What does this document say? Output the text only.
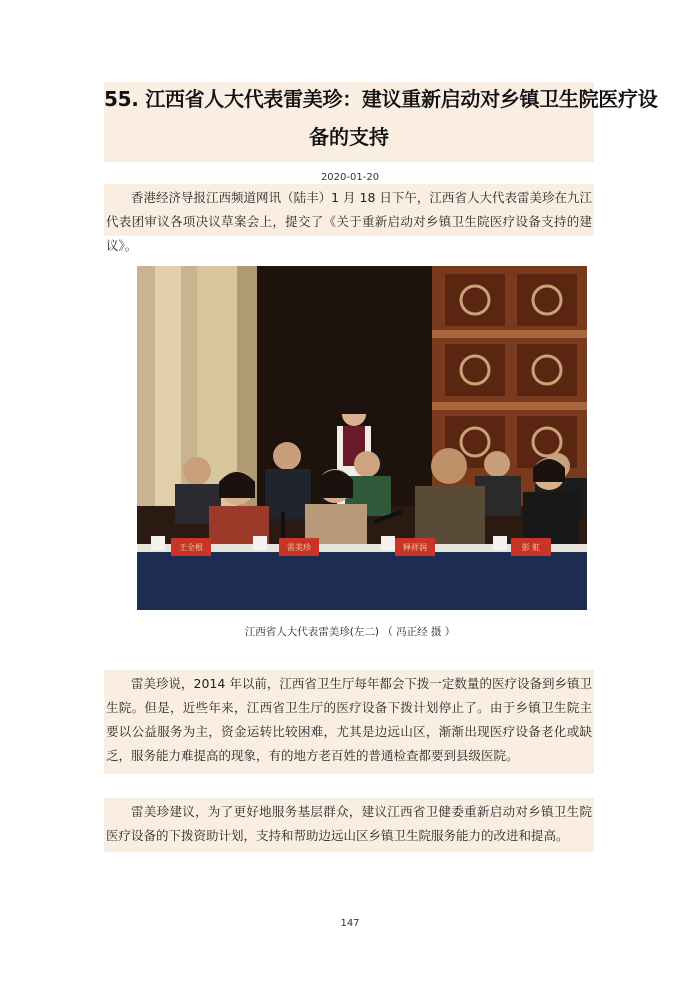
55. 江西省人大代表雷美珍：建议重新启动对乡镇卫生院医疗设
备的支持
2020-01-20

香港经济导报江西频道网讯（陆丰）1 月 18 日下午，江西省人大代表雷美珍在九江代表团审议各项决议草案会上，提交了《关于重新启动对乡镇卫生院医疗设备支持的建议》。

王全根	雷美珍	释祥润	彭 虹
江西省人大代表雷美珍(左二) （ 冯正经 摄 ）

雷美珍说，2014 年以前，江西省卫生厅每年都会下拨一定数量的医疗设备到乡镇卫生院。但是，近些年来，江西省卫生厅的医疗设备下拨计划停止了。由于乡镇卫生院主要以公益服务为主，资金运转比较困难，尤其是边远山区，渐渐出现医疗设备老化或缺乏，服务能力难提高的现象，有的地方老百姓的普通检查都要到县级医院。

雷美珍建议，为了更好地服务基层群众，建议江西省卫健委重新启动对乡镇卫生院医疗设备的下拨资助计划，支持和帮助边远山区乡镇卫生院服务能力的改进和提高。

147
